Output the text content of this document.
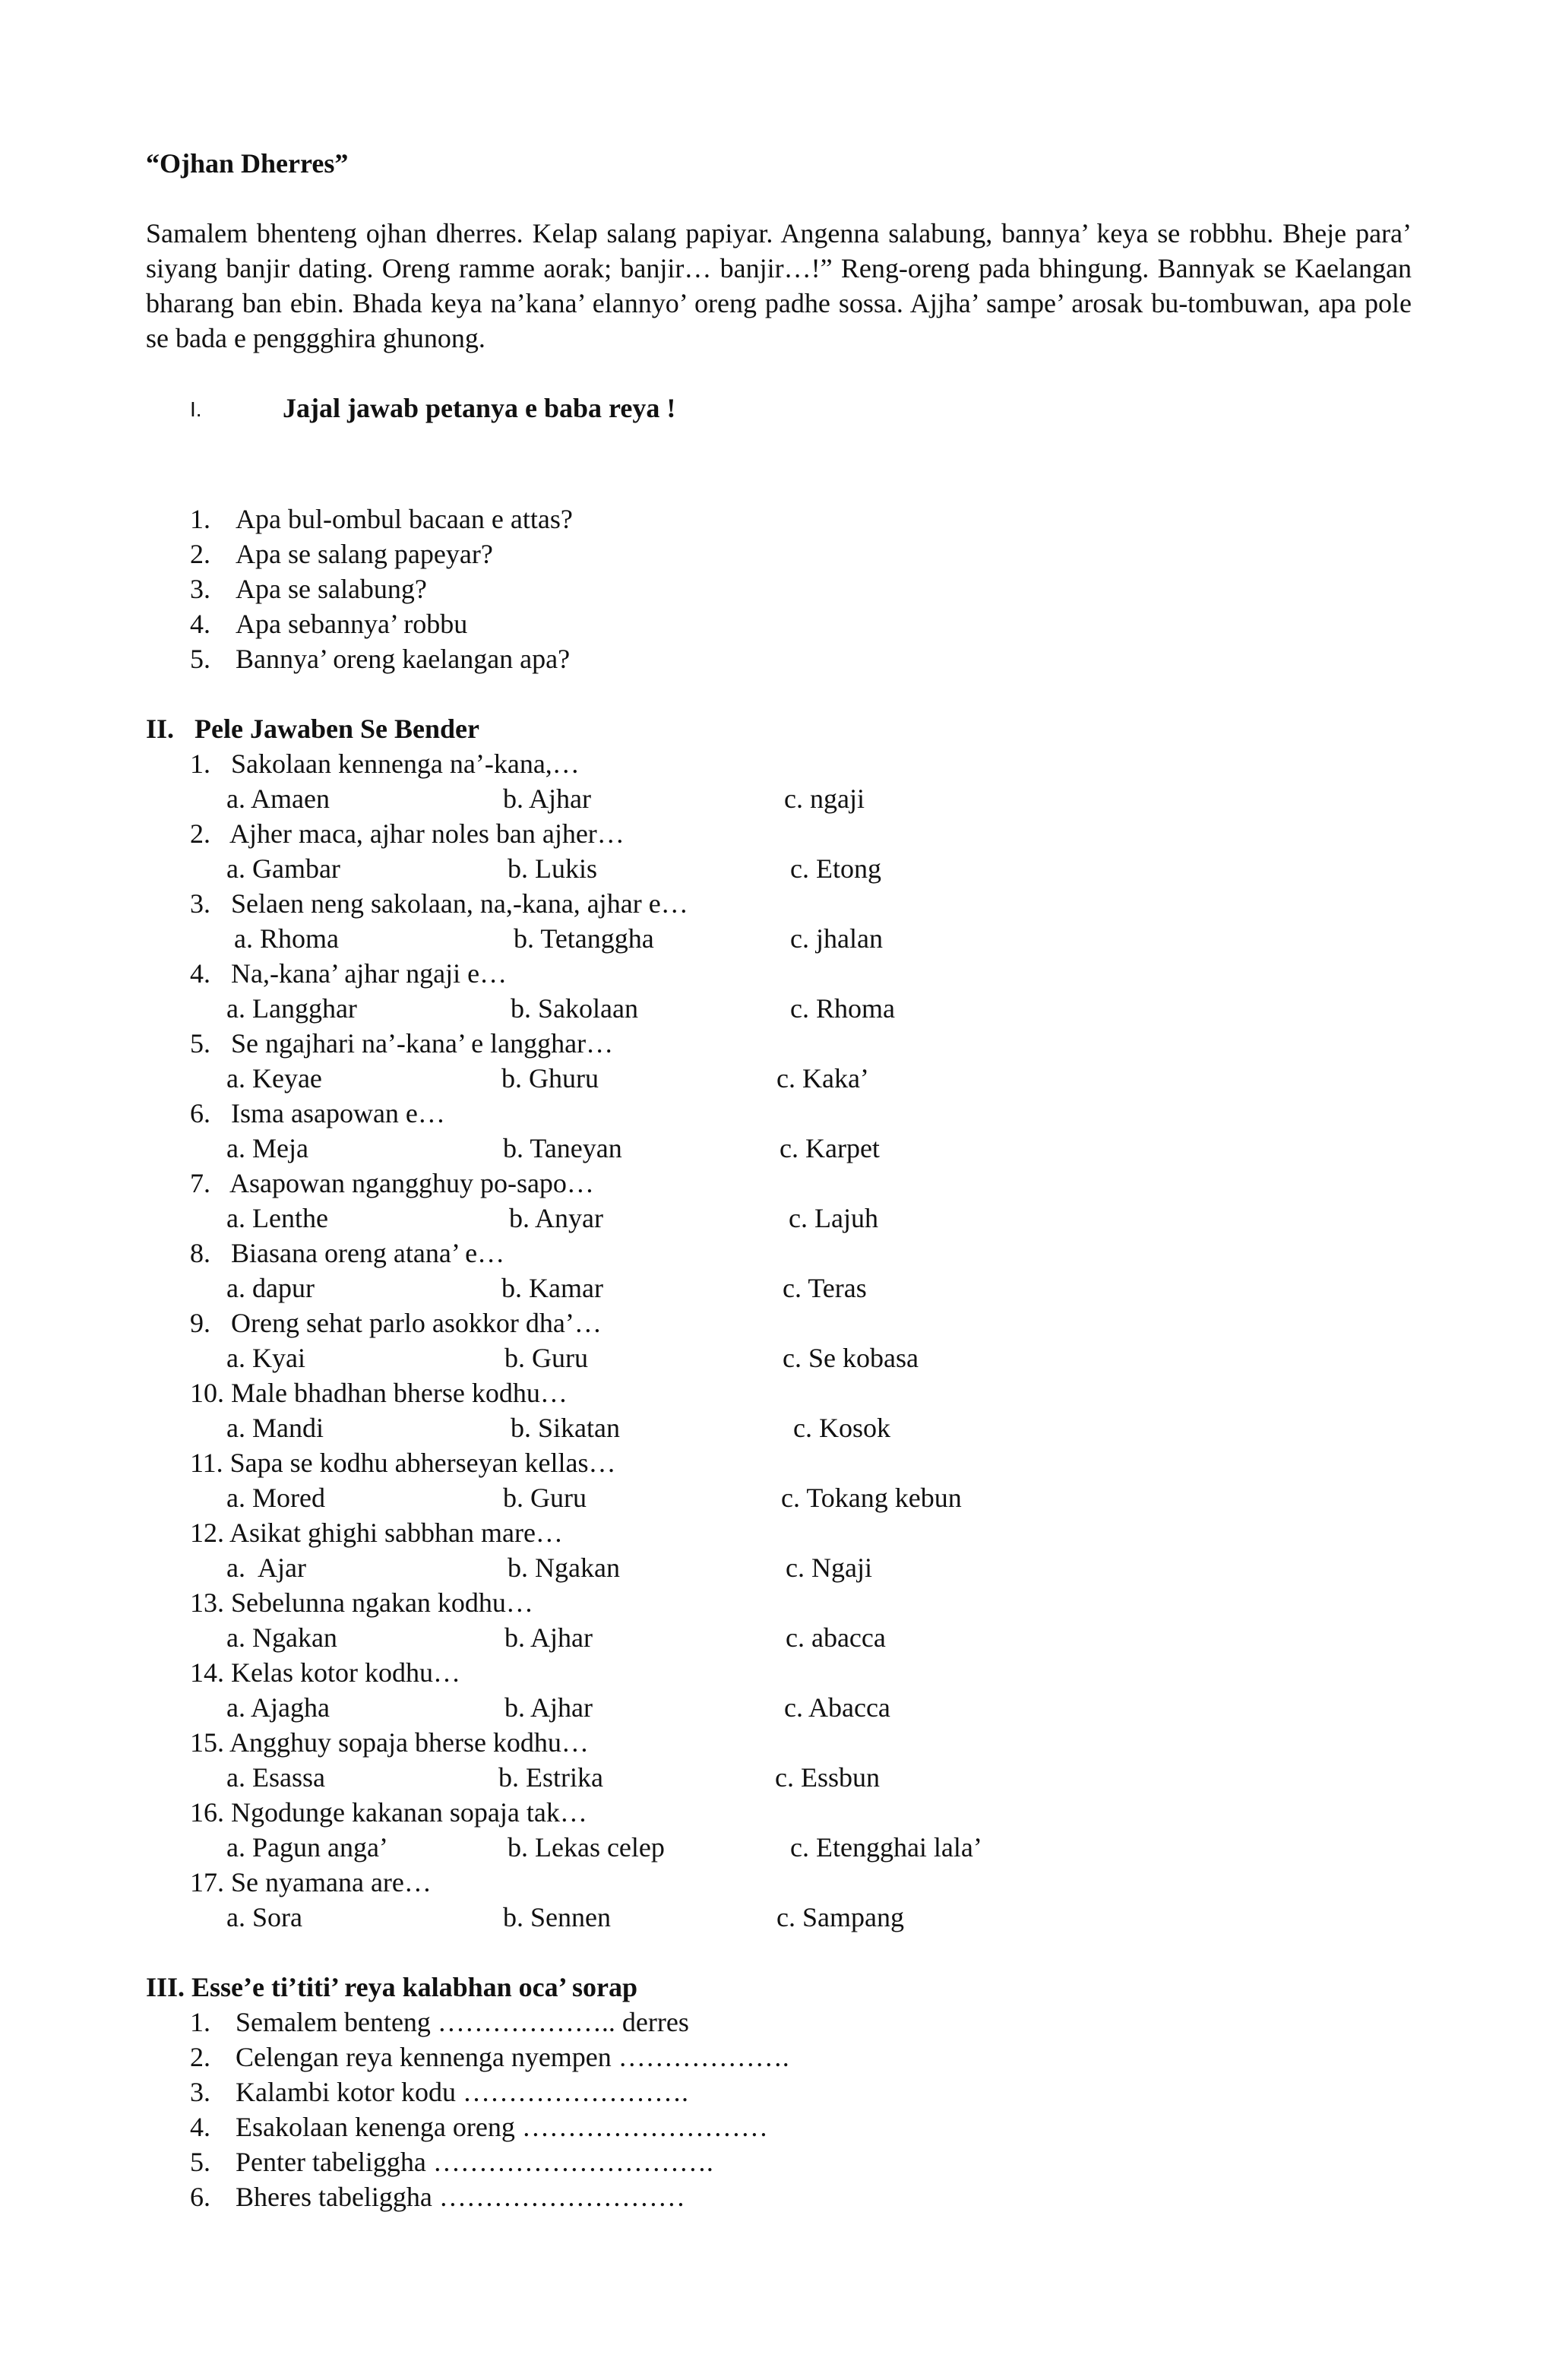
“Ojhan Dherres”
Samalem bhenteng ojhan dherres. Kelap salang papiyar. Angenna salabung, bannya’ keya se robbhu. Bheje para’ siyang banjir dating. Oreng ramme aorak; banjir… banjir…!” Reng-oreng pada bhingung. Bannyak se Kaelangan bharang ban ebin. Bhada keya na’kana’ elannyo’ oreng padhe sossa. Ajjha’ sampe’ arosak bu-tombuwan, apa pole se bada e penggghira ghunong.
I.	Jajal jawab petanya e baba reya !
1. Apa bul-ombul bacaan e attas?
2. Apa se salang papeyar?
3. Apa se salabung?
4. Apa sebannya’ robbu
5. Bannya’ oreng kaelangan apa?
II.   Pele Jawaben Se Bender
1.   Sakolaan kennenga na’-kana,…
a. Amaen	b. Ajhar	c. ngaji
2.   Ajher maca, ajhar noles ban ajher…
a. Gambar	b. Lukis	c. Etong
3.   Selaen neng sakolaan, na,-kana, ajhar e…
a. Rhoma	b. Tetanggha	c. jhalan
4.   Na,-kana’ ajhar ngaji e…
a. Langghar	b. Sakolaan	c. Rhoma
5.   Se ngajhari na’-kana’ e langghar…
a. Keyae	b. Ghuru	c. Kaka’
6.   Isma asapowan e…
a. Meja	b. Taneyan	c. Karpet
7.   Asapowan ngangghuy po-sapo…
a. Lenthe	b. Anyar	c. Lajuh
8.   Biasana oreng atana’ e…
a. dapur	b. Kamar	c. Teras
9.   Oreng sehat parlo asokkor dha’…
a. Kyai	b. Guru	c. Se kobasa
10. Male bhadhan bherse kodhu…
a. Mandi	b. Sikatan	c. Kosok
11. Sapa se kodhu abherseyan kellas…
a. Mored	b. Guru	c. Tokang kebun
12. Asikat ghighi sabbhan mare…
a.  Ajar	b. Ngakan	c. Ngaji
13. Sebelunna ngakan kodhu…
a. Ngakan	b. Ajhar	c. abacca
14. Kelas kotor kodhu…
a. Ajagha	b. Ajhar	c. Abacca
15. Angghuy sopaja bherse kodhu…
a. Esassa	b. Estrika	c. Essbun
16. Ngodunge kakanan sopaja tak…
a. Pagun anga’	b. Lekas celep	c. Etengghai lala’
17. Se nyamana are…
a. Sora	b. Sennen	c. Sampang
III. Esse’e ti’titi’ reya kalabhan oca’ sorap
1. Semalem benteng ……………….. derres
2. Celengan reya kennenga nyempen ……………….
3. Kalambi kotor kodu …………………….
4. Esakolaan kenenga oreng ………………………
5. Penter tabeliggha ………………………….
6. Bheres tabeliggha ………………………
